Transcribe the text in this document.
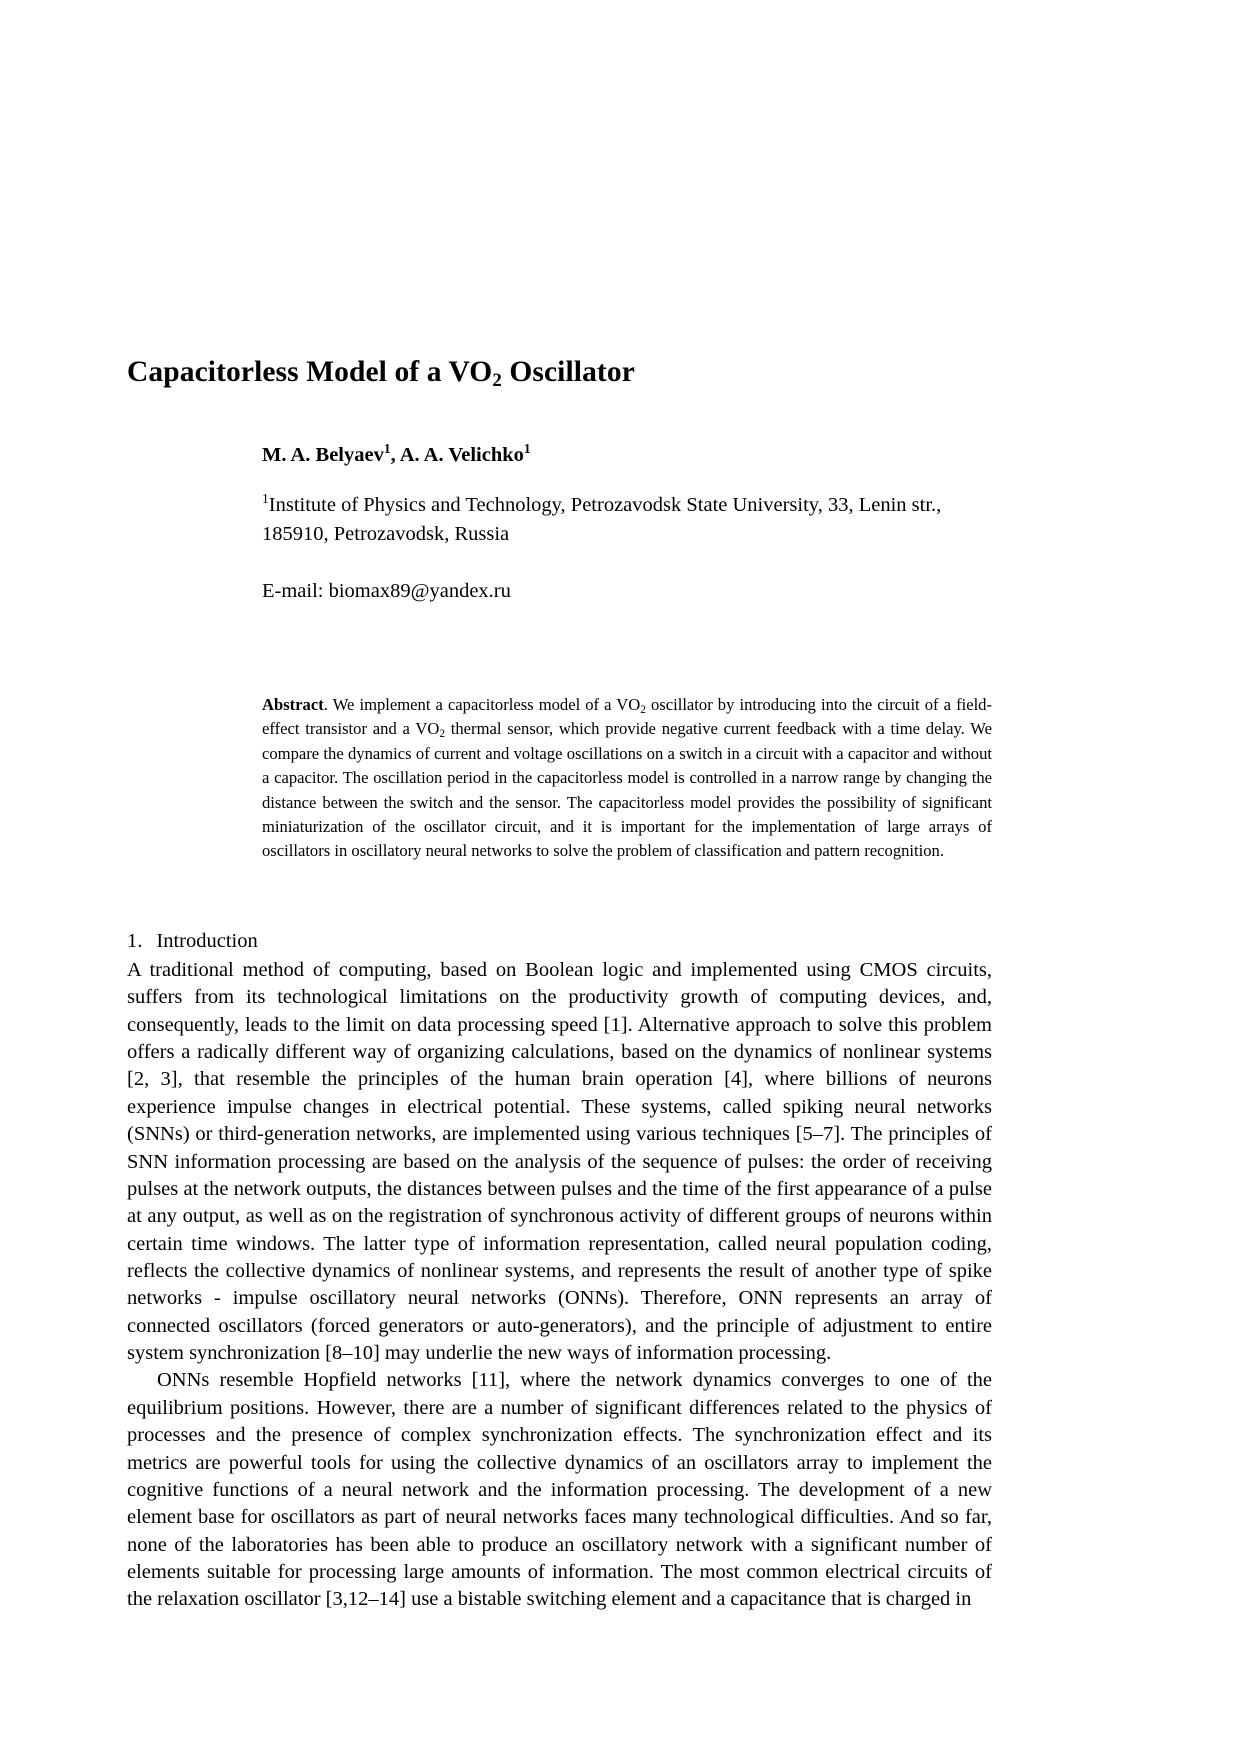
Capacitorless Model of a $VO_2$ Oscillator

M. A. Belyaev$^1$, A. A. Velichko$^1$

$^1$Institute of Physics and Technology, Petrozavodsk State University, 33, Lenin str., 185910, Petrozavodsk, Russia

E-mail: biomax89@yandex.ru

Abstract. We implement a capacitorless model of a $VO_2$ oscillator by introducing into the circuit of a field-effect transistor and a $VO_2$ thermal sensor, which provide negative current feedback with a time delay. We compare the dynamics of current and voltage oscillations on a switch in a circuit with a capacitor and without a capacitor. The oscillation period in the capacitorless model is controlled in a narrow range by changing the distance between the switch and the sensor. The capacitorless model provides the possibility of significant miniaturization of the oscillator circuit, and it is important for the implementation of large arrays of oscillators in oscillatory neural networks to solve the problem of classification and pattern recognition.

1. Introduction

A traditional method of computing, based on Boolean logic and implemented using CMOS circuits, suffers from its technological limitations on the productivity growth of computing devices, and, consequently, leads to the limit on data processing speed [1]. Alternative approach to solve this problem offers a radically different way of organizing calculations, based on the dynamics of nonlinear systems [2, 3], that resemble the principles of the human brain operation [4], where billions of neurons experience impulse changes in electrical potential. These systems, called spiking neural networks (SNNs) or third-generation networks, are implemented using various techniques [5–7]. The principles of SNN information processing are based on the analysis of the sequence of pulses: the order of receiving pulses at the network outputs, the distances between pulses and the time of the first appearance of a pulse at any output, as well as on the registration of synchronous activity of different groups of neurons within certain time windows. The latter type of information representation, called neural population coding, reflects the collective dynamics of nonlinear systems, and represents the result of another type of spike networks - impulse oscillatory neural networks (ONNs). Therefore, ONN represents an array of connected oscillators (forced generators or auto-generators), and the principle of adjustment to entire system synchronization [8–10] may underlie the new ways of information processing.

ONNs resemble Hopfield networks [11], where the network dynamics converges to one of the equilibrium positions. However, there are a number of significant differences related to the physics of processes and the presence of complex synchronization effects. The synchronization effect and its metrics are powerful tools for using the collective dynamics of an oscillators array to implement the cognitive functions of a neural network and the information processing. The development of a new element base for oscillators as part of neural networks faces many technological difficulties. And so far, none of the laboratories has been able to produce an oscillatory network with a significant number of elements suitable for processing large amounts of information. The most common electrical circuits of the relaxation oscillator [3,12–14] use a bistable switching element and a capacitance that is charged in
